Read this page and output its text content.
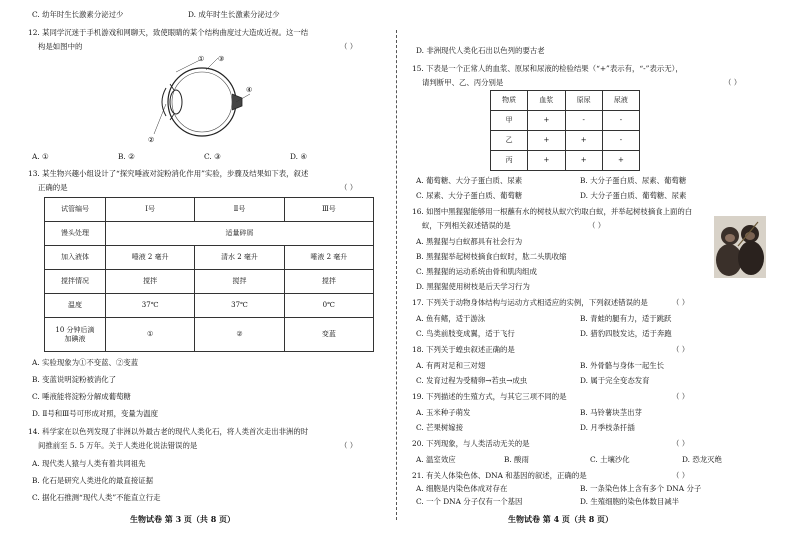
C. 幼年时生长激素分泌过少	D. 成年时生长激素分泌过少
12. 某同学沉迷于手机游戏和网聊天，致使眼睛的某个结构曲度过大造成近视。这一结
构是如图中的	（ ）
①
②
③
④
A. ①	B. ②	C. ③	D. ④
13. 某生物兴趣小组设计了“探究唾液对淀粉消化作用”实验，步骤及结果如下表，叙述
正确的是	（ ）
试管编号	Ⅰ号	Ⅱ号	Ⅲ号
馒头处理	适量碎屑		
加入液体	唾液 2 毫升	清水 2 毫升	唾液 2 毫升
搅拌情况	搅拌	搅拌	搅拌
温度	37℃	37℃	0℃

10 分钟后滴
加碘液	①	②	变蓝
A. 实验现象为①不变蓝、②变蓝
B. 变蓝说明淀粉被消化了
C. 唾液能将淀粉分解成葡萄糖
D. Ⅱ号和Ⅲ号可形成对照，变量为温度
14. 科学家在以色列发现了非洲以外最古老的现代人类化石，将人类首次走出非洲的时
间推前至 5. 5 万年。关于人类进化说法错误的是	（ ）
A. 现代类人猿与人类有着共同祖先
B. 化石是研究人类进化的最直接证据
C. 据化石推测“现代人类”不能直立行走
生物试卷 第 3 页（共 8 页）
D. 非洲现代人类化石出以色列的要古老
15. 下表是一个正常人的血浆、原尿和尿液的检验结果（“+”表示有，“-”表示无），
请判断甲、乙、丙分别是	（ ）
物质	血浆	原尿	尿液
甲	+	-	-
乙	+	+	-
丙	+	+	+
A. 葡萄糖、大分子蛋白质、尿素	B. 大分子蛋白质、尿素、葡萄糖
C. 尿素、大分子蛋白质、葡萄糖	D. 大分子蛋白质、葡萄糖、尿素
16. 如图中黑猩猩能够用一根蘸有水的树枝从蚁穴钓取白蚁，并举起树枝摘食上面的白
蚁，下列相关叙述错误的是	（ ）
A. 黑猩猩与白蚁都具有社会行为
B. 黑猩猩举起树枝摘食白蚁时，肱二头肌收缩
C. 黑猩猩的运动系统由骨和肌肉组成
D. 黑猩猩使用树枝是后天学习行为
17. 下列关于动物身体结构与运动方式相适应的实例，下列叙述错误的是	（ ）
A. 鱼有鳍，适于游泳	B. 青蛙的腿有力，适于跳跃
C. 鸟类前肢变成翼，适于飞行	D. 猎豹四肢发达，适于奔跑
18. 下列关于蝗虫叙述正确的是	（ ）
A. 有两对足和三对翅	B. 外骨骼与身体一起生长
C. 发育过程为受精卵→若虫→成虫	D. 属于完全变态发育
19. 下列描述的生殖方式，与其它三项不同的是	（ ）
A. 玉米种子萌发	B. 马铃薯块茎出芽
C. 芒果树嫁接	D. 月季枝条扦插
20. 下列现象，与人类活动无关的是	（ ）
A. 温室效应	B. 酸雨	C. 土壤沙化	D. 恐龙灭绝
21. 有关人体染色体、DNA 和基因的叙述，正确的是	（ ）
A. 细胞是内染色体成对存在	B. 一条染色体上含有多个 DNA 分子
C. 一个 DNA 分子仅有一个基因	D. 生殖细胞的染色体数目减半
生物试卷 第 4 页（共 8 页）
